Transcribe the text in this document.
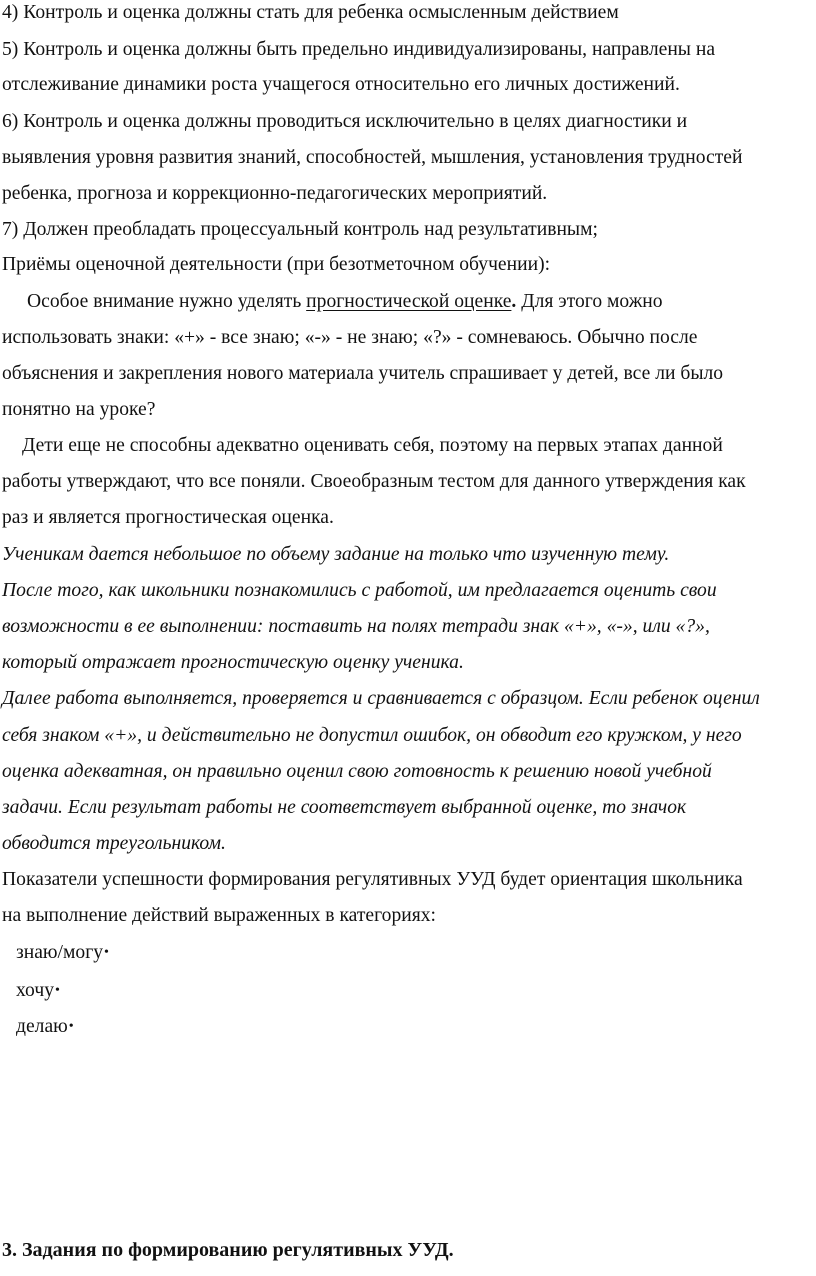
4) Контроль и оценка должны стать для ребенка осмысленным действием
5) Контроль и оценка должны быть предельно индивидуализированы, направлены на
отслеживание динамики роста учащегося относительно его личных достижений.
6) Контроль и оценка должны проводиться исключительно в целях диагностики и
выявления уровня развития знаний, способностей, мышления, установления трудностей
ребенка, прогноза и коррекционно-педагогических мероприятий.
7) Должен преобладать процессуальный контроль над результативным;
Приёмы оценочной деятельности (при безотметочном обучении):
Особое внимание нужно уделять прогностической оценке. Для этого можно
использовать знаки: «+» - все знаю; «-» - не знаю; «?» - сомневаюсь. Обычно после
объяснения и закрепления нового материала учитель спрашивает у детей, все ли было
понятно на уроке?
Дети еще не способны адекватно оценивать себя, поэтому на первых этапах данной
работы утверждают, что все поняли. Своеобразным тестом для данного утверждения как
раз и является прогностическая оценка.
Ученикам дается небольшое по объему задание на только что изученную тему.
После того, как школьники познакомились с работой, им предлагается оценить свои
возможности в ее выполнении: поставить на полях тетради знак «+», «-», или «?»,
который отражает прогностическую оценку ученика.
Далее работа выполняется, проверяется и сравнивается с образцом. Если ребенок оценил
себя знаком «+», и действительно не допустил ошибок, он обводит его кружком, у него
оценка адекватная, он правильно оценил свою готовность к решению новой учебной
задачи. Если результат работы не соответствует выбранной оценке, то значок
обводится треугольником.
Показатели успешности формирования регулятивных УУД будет ориентация школьника
на выполнение действий выраженных в категориях:
знаю/могу•
хочу•
делаю•
3. Задания по формированию регулятивных УУД.
